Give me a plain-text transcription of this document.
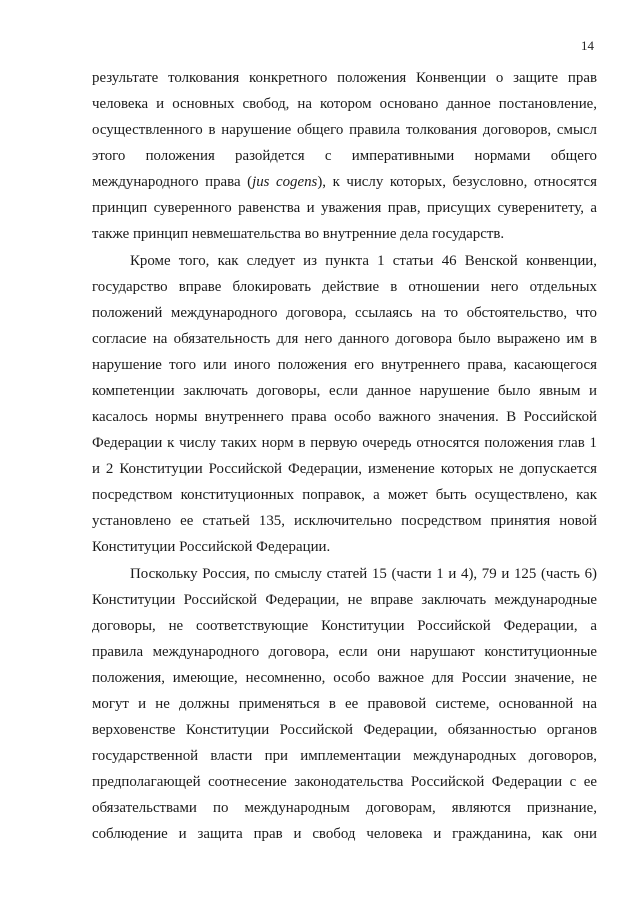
14
результате толкования конкретного положения Конвенции о защите прав
человека и основных свобод, на котором основано данное постановление,
осуществленного в нарушение общего правила толкования договоров, смысл
этого положения разойдется с императивными нормами общего
международного права (jus cogens), к числу которых, безусловно, относятся
принцип суверенного равенства и уважения прав, присущих суверенитету, а
также принцип невмешательства во внутренние дела государств.
Кроме того, как следует из пункта 1 статьи 46 Венской конвенции,
государство вправе блокировать действие в отношении него отдельных
положений международного договора, ссылаясь на то обстоятельство, что
согласие на обязательность для него данного договора было выражено им в
нарушение того или иного положения его внутреннего права, касающегося
компетенции заключать договоры, если данное нарушение было явным и
касалось нормы внутреннего права особо важного значения. В Российской
Федерации к числу таких норм в первую очередь относятся положения глав 1
и 2 Конституции Российской Федерации, изменение которых не допускается
посредством конституционных поправок, а может быть осуществлено, как
установлено ее статьей 135, исключительно посредством принятия новой
Конституции Российской Федерации.
Поскольку Россия, по смыслу статей 15 (части 1 и 4), 79 и 125 (часть 6)
Конституции Российской Федерации, не вправе заключать международные
договоры, не соответствующие Конституции Российской Федерации, а
правила международного договора, если они нарушают конституционные
положения, имеющие, несомненно, особо важное для России значение, не
могут и не должны применяться в ее правовой системе, основанной на
верховенстве Конституции Российской Федерации, обязанностью органов
государственной власти при имплементации международных договоров,
предполагающей соотнесение законодательства Российской Федерации с ее
обязательствами по международным договорам, являются признание,
соблюдение и защита прав и свобод человека и гражданина, как они
